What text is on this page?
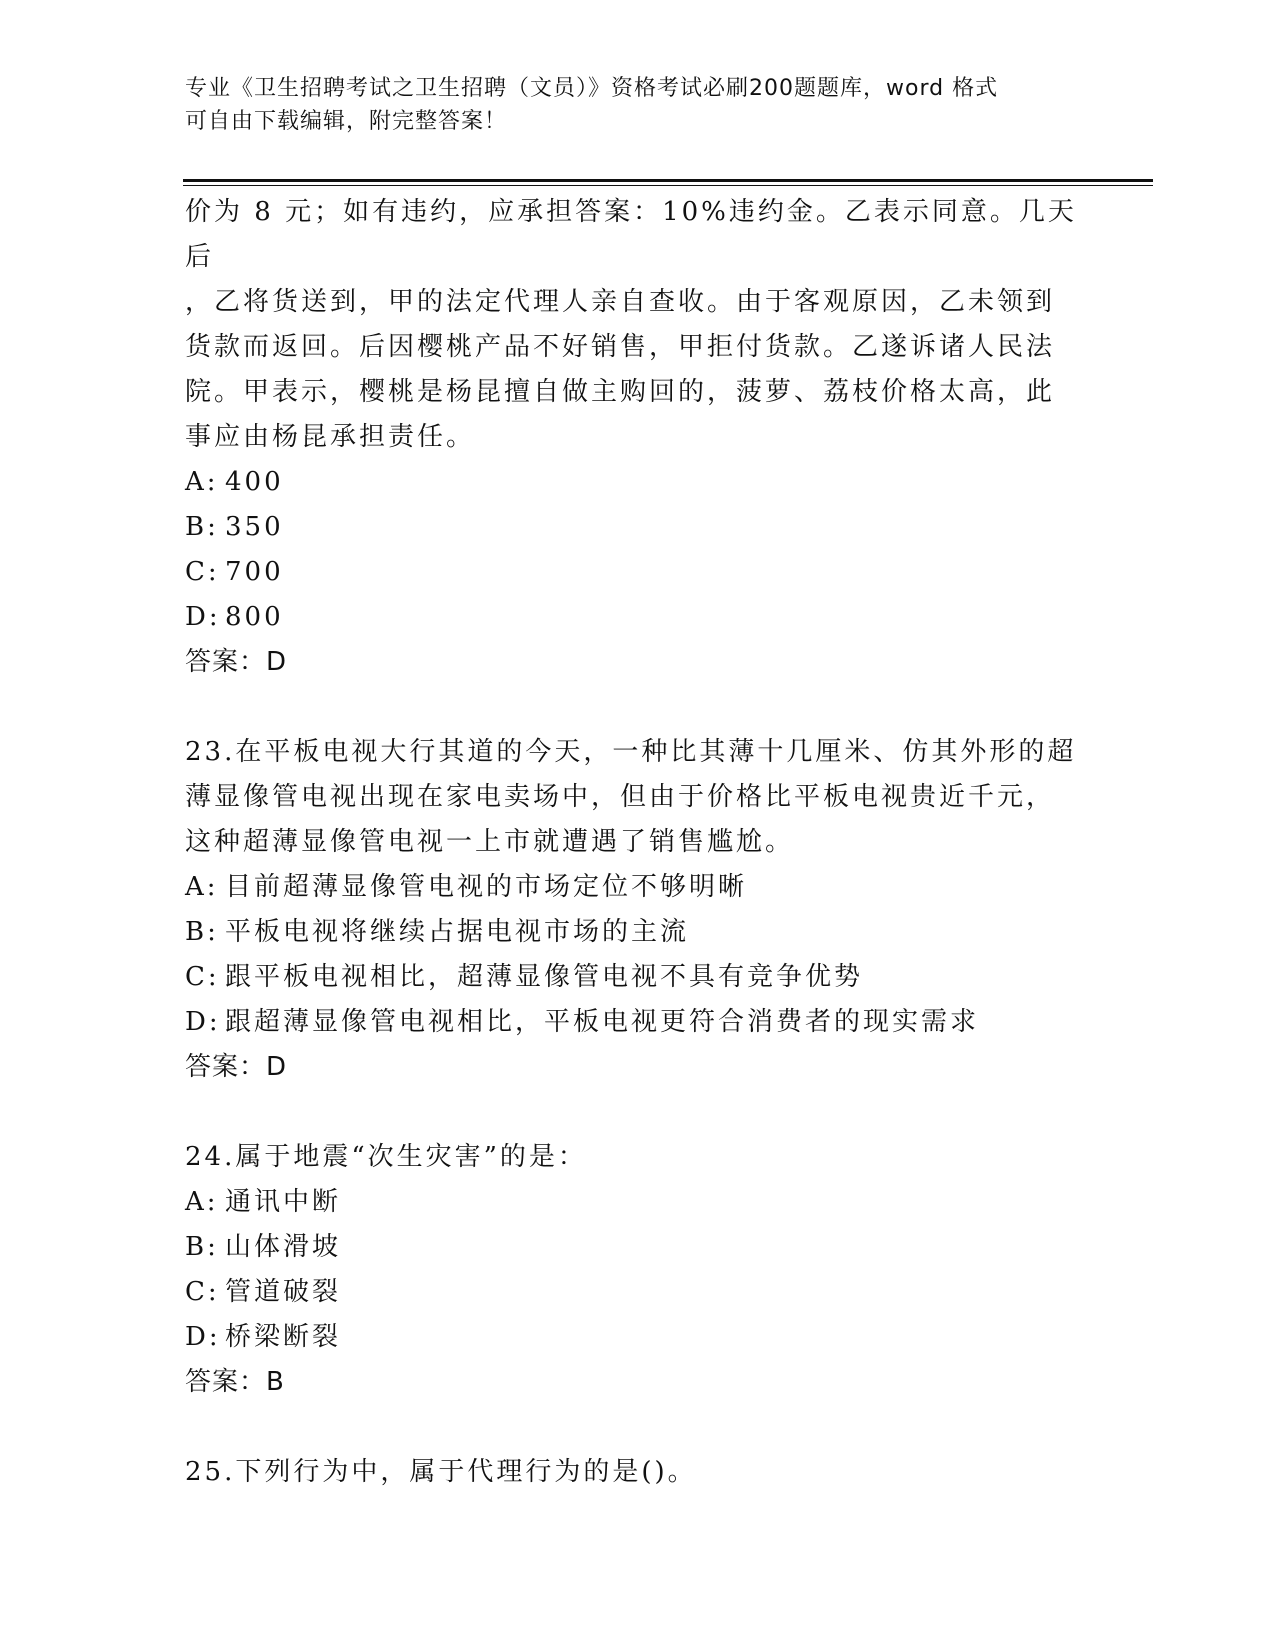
专业《卫生招聘考试之卫生招聘（文员）》资格考试必刷200题题库，word 格式
可自由下载编辑，附完整答案！
价为 8 元；如有违约，应承担答案：10%违约金。乙表示同意。几天后
，乙将货送到，甲的法定代理人亲自查收。由于客观原因，乙未领到
货款而返回。后因樱桃产品不好销售，甲拒付货款。乙遂诉诸人民法
院。甲表示，樱桃是杨昆擅自做主购回的，菠萝、荔枝价格太高，此
事应由杨昆承担责任。
A: 400
B: 350
C: 700
D: 800
答案：D
23.在平板电视大行其道的今天，一种比其薄十几厘米、仿其外形的超
薄显像管电视出现在家电卖场中，但由于价格比平板电视贵近千元，
这种超薄显像管电视一上市就遭遇了销售尴尬。
A: 目前超薄显像管电视的市场定位不够明晰
B: 平板电视将继续占据电视市场的主流
C: 跟平板电视相比，超薄显像管电视不具有竞争优势
D: 跟超薄显像管电视相比，平板电视更符合消费者的现实需求
答案：D
24.属于地震“次生灾害”的是：
A: 通讯中断
B: 山体滑坡
C: 管道破裂
D: 桥梁断裂
答案：B
25.下列行为中，属于代理行为的是()。
